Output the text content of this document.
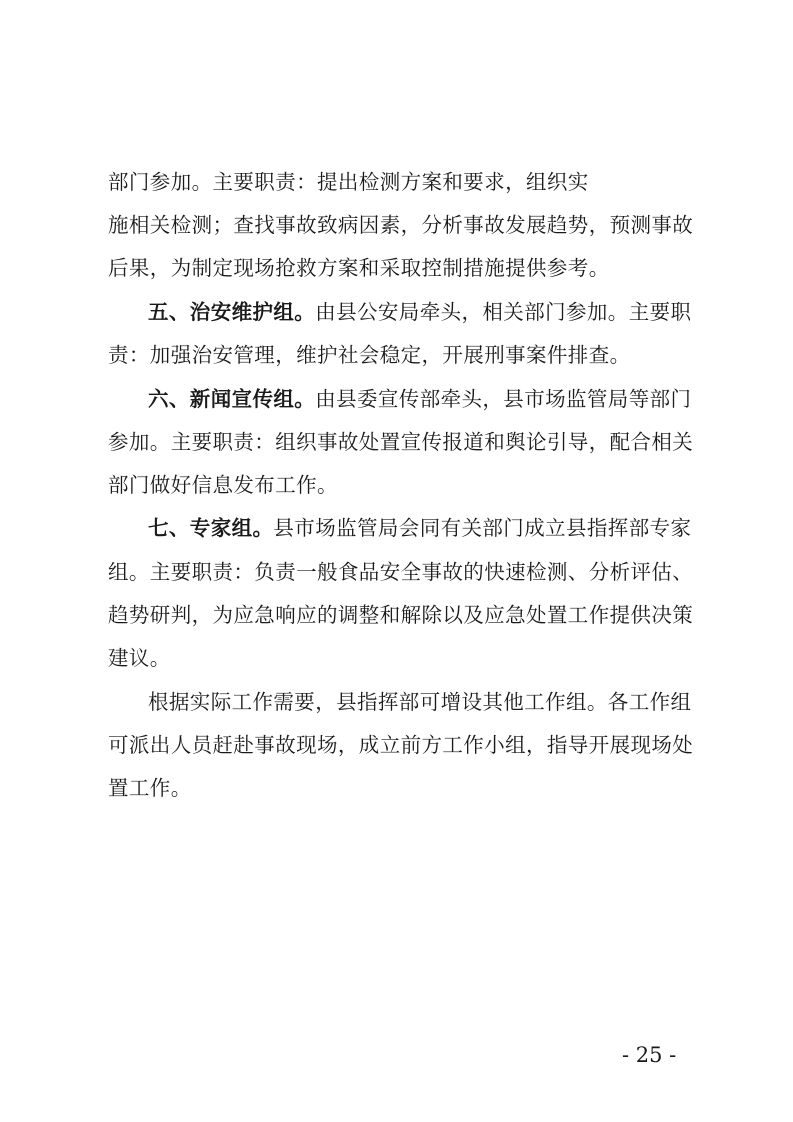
部门参加。主要职责：提出检测方案和要求，组织实
施相关检测；查找事故致病因素，分析事故发展趋势，预测事故
后果，为制定现场抢救方案和采取控制措施提供参考。
五、治安维护组。由县公安局牵头，相关部门参加。主要职
责：加强治安管理，维护社会稳定，开展刑事案件排查。
六、新闻宣传组。由县委宣传部牵头，县市场监管局等部门
参加。主要职责：组织事故处置宣传报道和舆论引导，配合相关
部门做好信息发布工作。
七、专家组。县市场监管局会同有关部门成立县指挥部专家
组。主要职责：负责一般食品安全事故的快速检测、分析评估、
趋势研判，为应急响应的调整和解除以及应急处置工作提供决策
建议。
根据实际工作需要，县指挥部可增设其他工作组。各工作组
可派出人员赶赴事故现场，成立前方工作小组，指导开展现场处
置工作。
- 25 -
